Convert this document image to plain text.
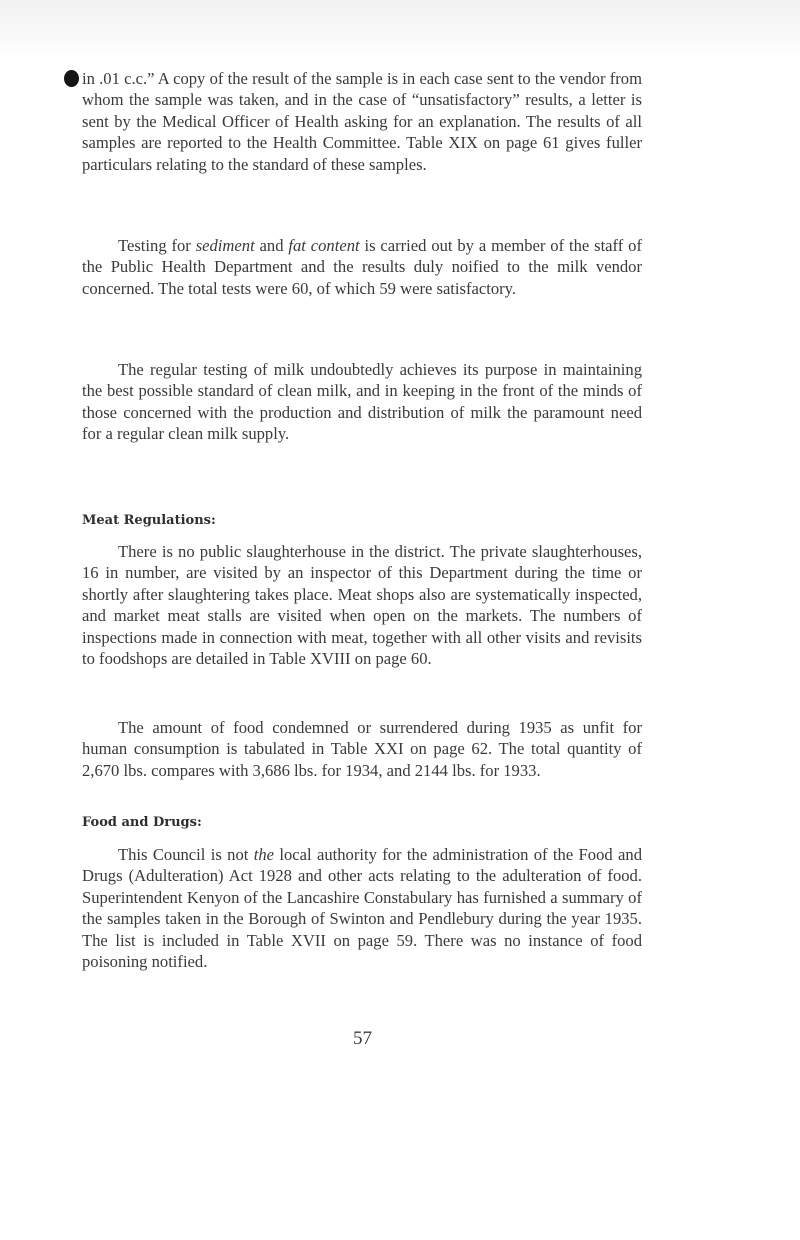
in .01 c.c.” A copy of the result of the sample is in each case sent to the vendor from whom the sample was taken, and in the case of “unsatisfactory” results, a letter is sent by the Medical Officer of Health asking for an explanation. The results of all samples are reported to the Health Committee. Table XIX on page 61 gives fuller particulars relating to the standard of these samples.

Testing for sediment and fat content is carried out by a member of the staff of the Public Health Department and the results duly noified to the milk vendor concerned. The total tests were 60, of which 59 were satisfactory.

The regular testing of milk undoubtedly achieves its purpose in maintaining the best possible standard of clean milk, and in keeping in the front of the minds of those concerned with the production and distribution of milk the paramount need for a regular clean milk supply.

Meat Regulations:

There is no public slaughterhouse in the district. The private slaughterhouses, 16 in number, are visited by an inspector of this Department during the time or shortly after slaughtering takes place. Meat shops also are systematically inspected, and market meat stalls are visited when open on the markets. The numbers of inspections made in connection with meat, together with all other visits and revisits to foodshops are detailed in Table XVIII on page 60.

The amount of food condemned or surrendered during 1935 as unfit for human consumption is tabulated in Table XXI on page 62. The total quantity of 2,670 lbs. compares with 3,686 lbs. for 1934, and 2144 lbs. for 1933.

Food and Drugs:

This Council is not the local authority for the administration of the Food and Drugs (Adulteration) Act 1928 and other acts relating to the adulteration of food. Superintendent Kenyon of the Lancashire Constabulary has furnished a summary of the samples taken in the Borough of Swinton and Pendlebury during the year 1935. The list is included in Table XVII on page 59. There was no instance of food poisoning notified.

57
